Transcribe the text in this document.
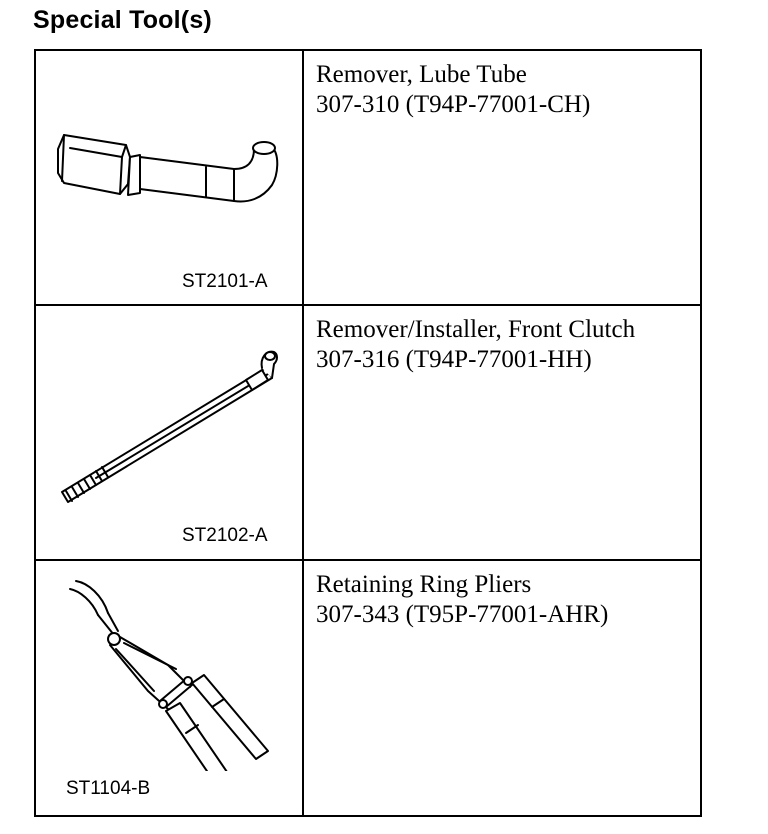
Special Tool(s)
ST2101-A
Remover, Lube Tube
307-310 (T94P-77001-CH)
ST2102-A
Remover/Installer, Front Clutch
307-316 (T94P-77001-HH)
ST1104-B
Retaining Ring Pliers
307-343 (T95P-77001-AHR)
